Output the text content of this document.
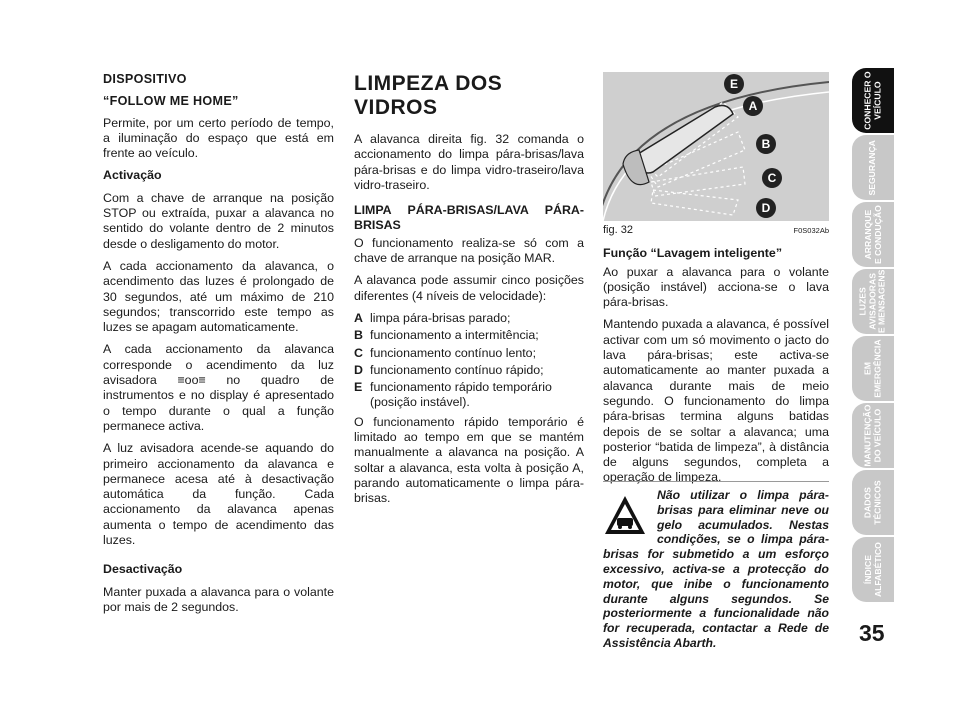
DISPOSITIVO

“FOLLOW ME HOME”

Permite, por um certo período de tempo, a iluminação do espaço que está em frente ao veículo.

Activação

Com a chave de arranque na posição STOP ou extraída, puxar a alavanca no sentido do volante dentro de 2 minutos desde o desligamento do motor.

A cada accionamento da alavanca, o acendimento das luzes é prolongado de 30 segundos, até um máximo de 210 segundos; transcorrido este tempo as luzes se apagam automaticamente.

A cada accionamento da alavanca corresponde o acendimento da luz avisadora ≡oo≡ no quadro de instrumentos e no display é apresentado o tempo durante o qual a função permanece activa.

A luz avisadora acende-se aquando do primeiro accionamento da alavanca e permanece acesa até à desactivação automática da função. Cada accionamento da alavanca apenas aumenta o tempo de acendimento das luzes.

Desactivação

Manter puxada a alavanca para o volante por mais de 2 segundos.

LIMPEZA DOS VIDROS

A alavanca direita fig. 32 comanda o accionamento do limpa pára-brisas/lava pára-brisas e do limpa vidro-traseiro/lava vidro-traseiro.

LIMPA PÁRA-BRISAS/LAVA PÁRA-BRISAS

O funcionamento realiza-se só com a chave de arranque na posição MAR.

A alavanca pode assumir cinco posições diferentes (4 níveis de velocidade):

A limpa pára-brisas parado;
B funcionamento a intermitência;
C funcionamento contínuo lento;
D funcionamento contínuo rápido;
E funcionamento rápido temporário (posição instável).

O funcionamento rápido temporário é limitado ao tempo em que se mantém manualmente a alavanca na posição. A soltar a alavanca, esta volta à posição A, parando automaticamente o limpa pára-brisas.

E
A
B
C
D
fig. 32	F0S032Ab

Função “Lavagem inteligente”

Ao puxar a alavanca para o volante (posição instável) acciona-se o lava pára-brisas.

Mantendo puxada a alavanca, é possível activar com um só movimento o jacto do lava pára-brisas; este activa-se automaticamente ao manter puxada a alavanca durante mais de meio segundo. O funcionamento do limpa pára-brisas termina alguns batidas depois de se soltar a alavanca; uma posterior “batida de limpeza”, à distância de alguns segundos, completa a operação de limpeza.

Não utilizar o limpa pára-brisas para eliminar neve ou gelo acumulados. Nestas condições, se o limpa pára-brisas for submetido a um esforço excessivo, activa-se a protecção do motor, que inibe o funcionamento durante alguns segundos. Se posteriormente a funcionalidade não for recuperada, contactar a Rede de Assistência Abarth.
CONHECER O
VEÍCULO
SEGURANÇA
ARRANQUE
E CONDUÇÃO
LUZES
AVISADORAS
E MENSAGENS
EM
EMERGÊNCIA
MANUTENÇÃO
DO VEÍCULO
DADOS
TÉCNICOS
ÍNDICE
ALFABÉTICO
35
